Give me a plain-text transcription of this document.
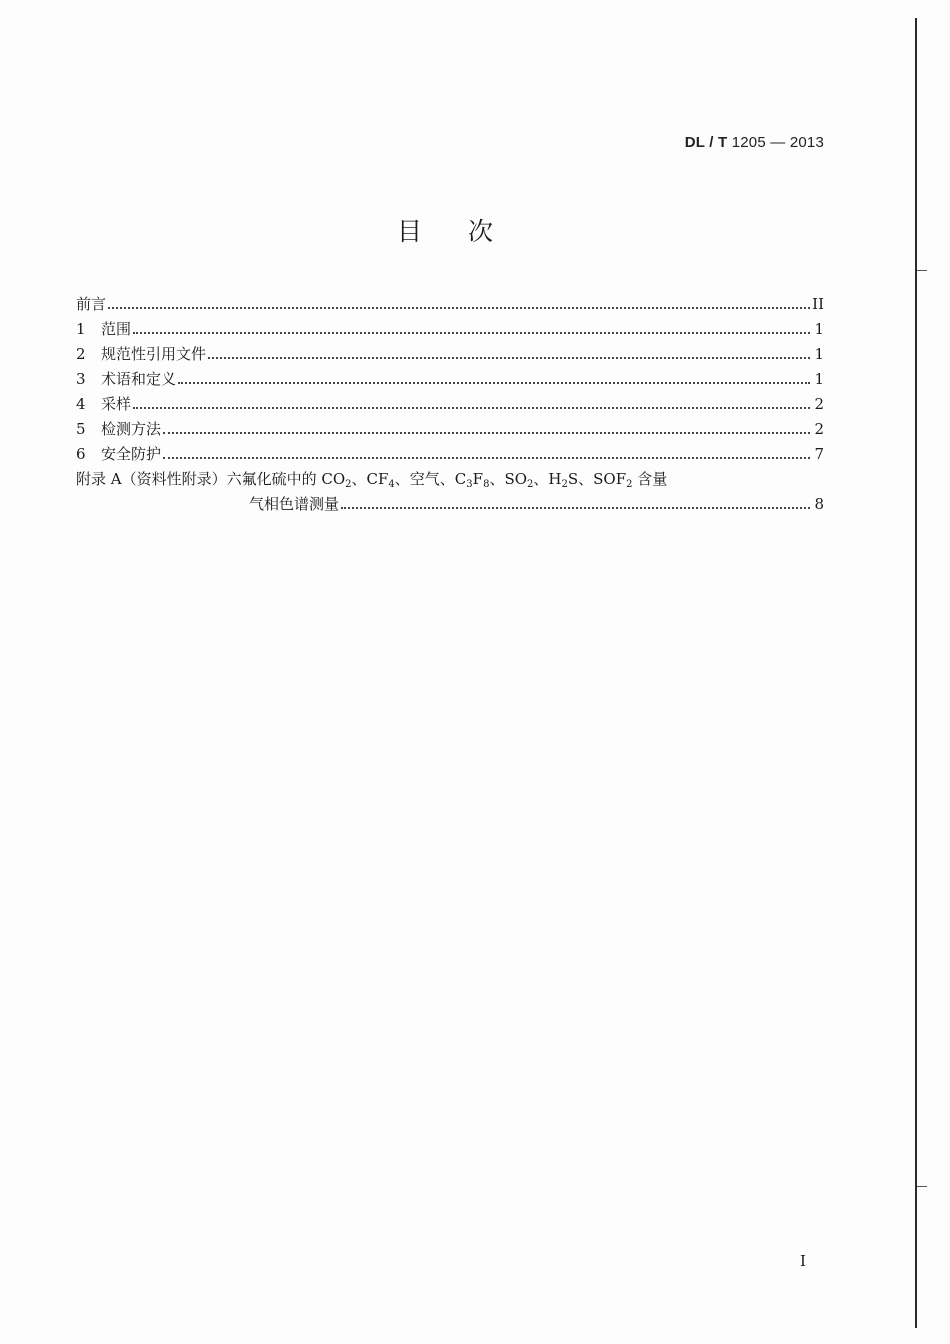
DL / T 1205 — 2013
目次
前言	II
1	范围	1
2	规范性引用文件	1
3	术语和定义	1
4	采样	2
5	检测方法	2
6	安全防护	7
附录 A（资料性附录）六氟化硫中的 $CO_2$、$CF_4$、空气、$C_3F_8$、$SO_2$、$H_2S$、$SOF_2$ 含量
气相色谱测量	8
I
